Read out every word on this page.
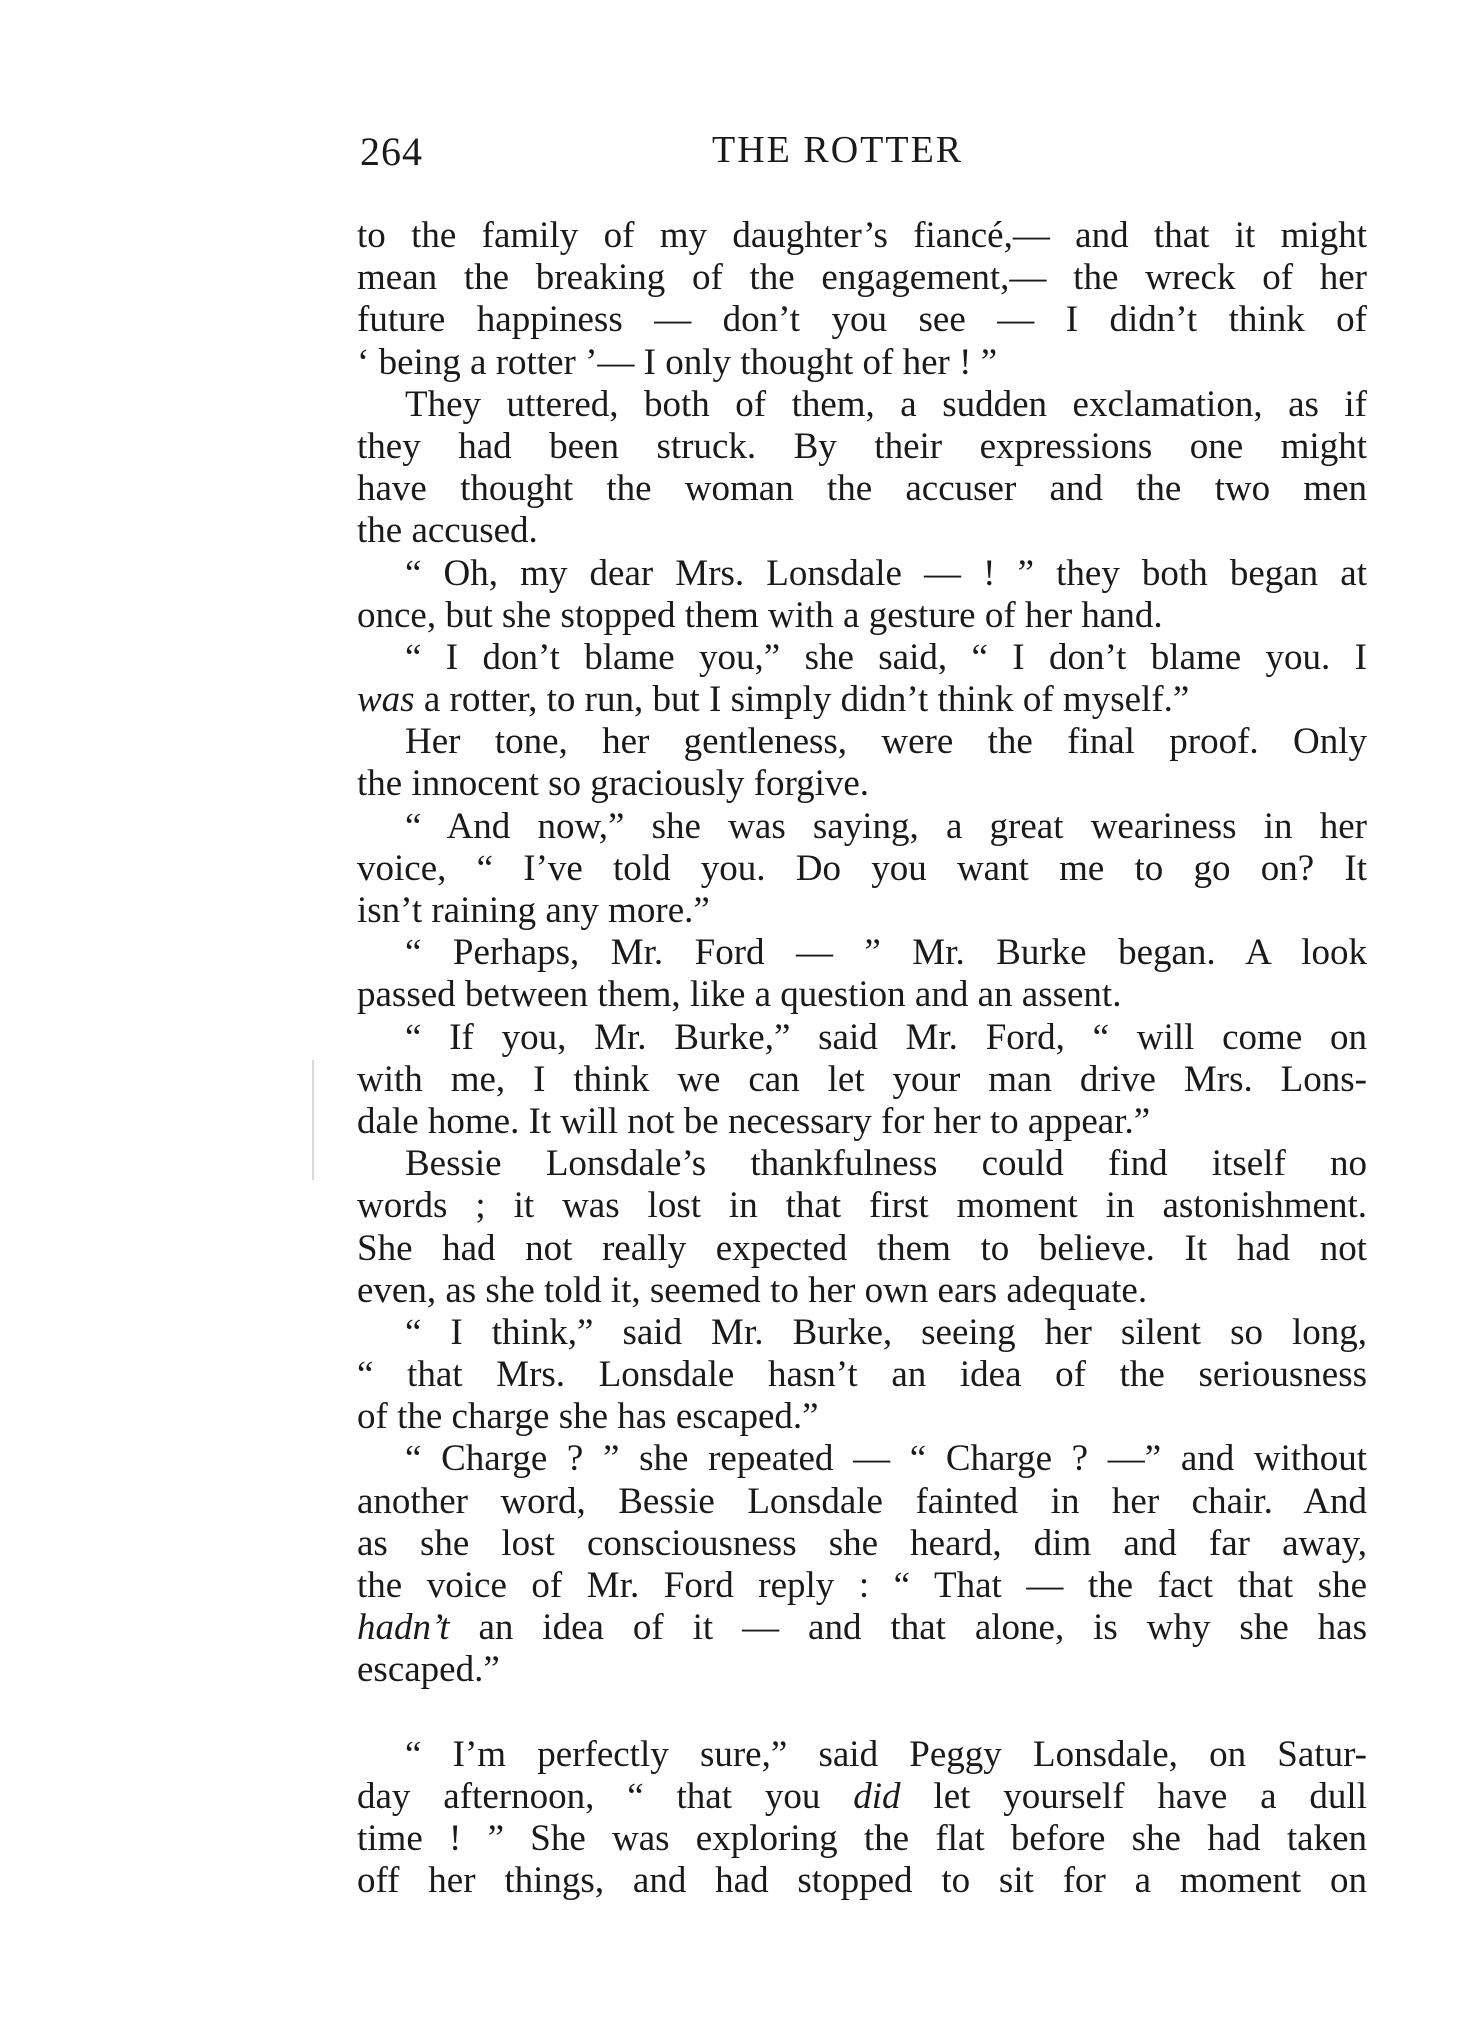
264	THE ROTTER
to the family of my daughter’s fiancé,— and that it might
mean the breaking of the engagement,— the wreck of her
future happiness — don’t you see — I didn’t think of
‘ being a rotter ’— I only thought of her ! ”
They uttered, both of them, a sudden exclamation, as if
they had been struck. By their expressions one might
have thought the woman the accuser and the two men
the accused.
“ Oh, my dear Mrs. Lonsdale — ! ” they both began at
once, but she stopped them with a gesture of her hand.
“ I don’t blame you,” she said, “ I don’t blame you. I
was a rotter, to run, but I simply didn’t think of myself.”
Her tone, her gentleness, were the final proof. Only
the innocent so graciously forgive.
“ And now,” she was saying, a great weariness in her
voice, “ I’ve told you. Do you want me to go on? It
isn’t raining any more.”
“ Perhaps, Mr. Ford — ” Mr. Burke began. A look
passed between them, like a question and an assent.
“ If you, Mr. Burke,” said Mr. Ford, “ will come on
with me, I think we can let your man drive Mrs. Lons-
dale home. It will not be necessary for her to appear.”
Bessie Lonsdale’s thankfulness could find itself no
words ; it was lost in that first moment in astonishment.
She had not really expected them to believe. It had not
even, as she told it, seemed to her own ears adequate.
“ I think,” said Mr. Burke, seeing her silent so long,
“ that Mrs. Lonsdale hasn’t an idea of the seriousness
of the charge she has escaped.”
“ Charge ? ” she repeated — “ Charge ? —” and without
another word, Bessie Lonsdale fainted in her chair. And
as she lost consciousness she heard, dim and far away,
the voice of Mr. Ford reply : “ That — the fact that she
hadn’t an idea of it — and that alone, is why she has
escaped.”
“ I’m perfectly sure,” said Peggy Lonsdale, on Satur-
day afternoon, “ that you did let yourself have a dull
time ! ” She was exploring the flat before she had taken
off her things, and had stopped to sit for a moment on
